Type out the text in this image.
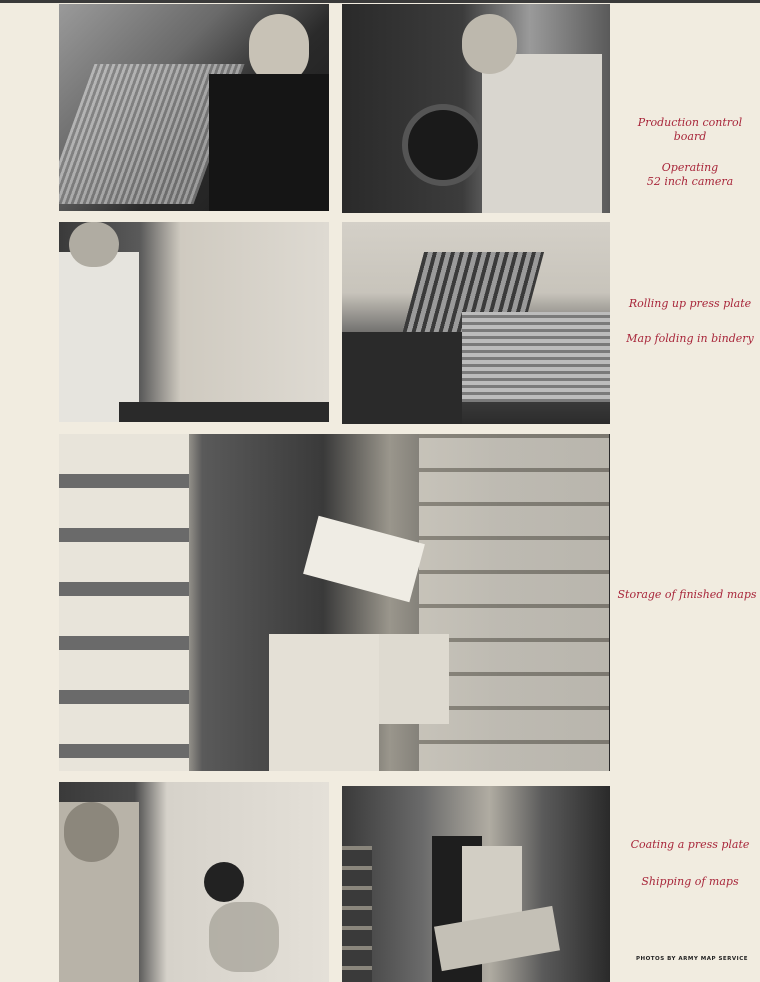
Production control
board
Operating
52 inch camera
Rolling up press plate
Map folding in bindery
Storage of finished maps
Coating a press plate
Shipping of maps
PHOTOS BY ARMY MAP SERVICE
